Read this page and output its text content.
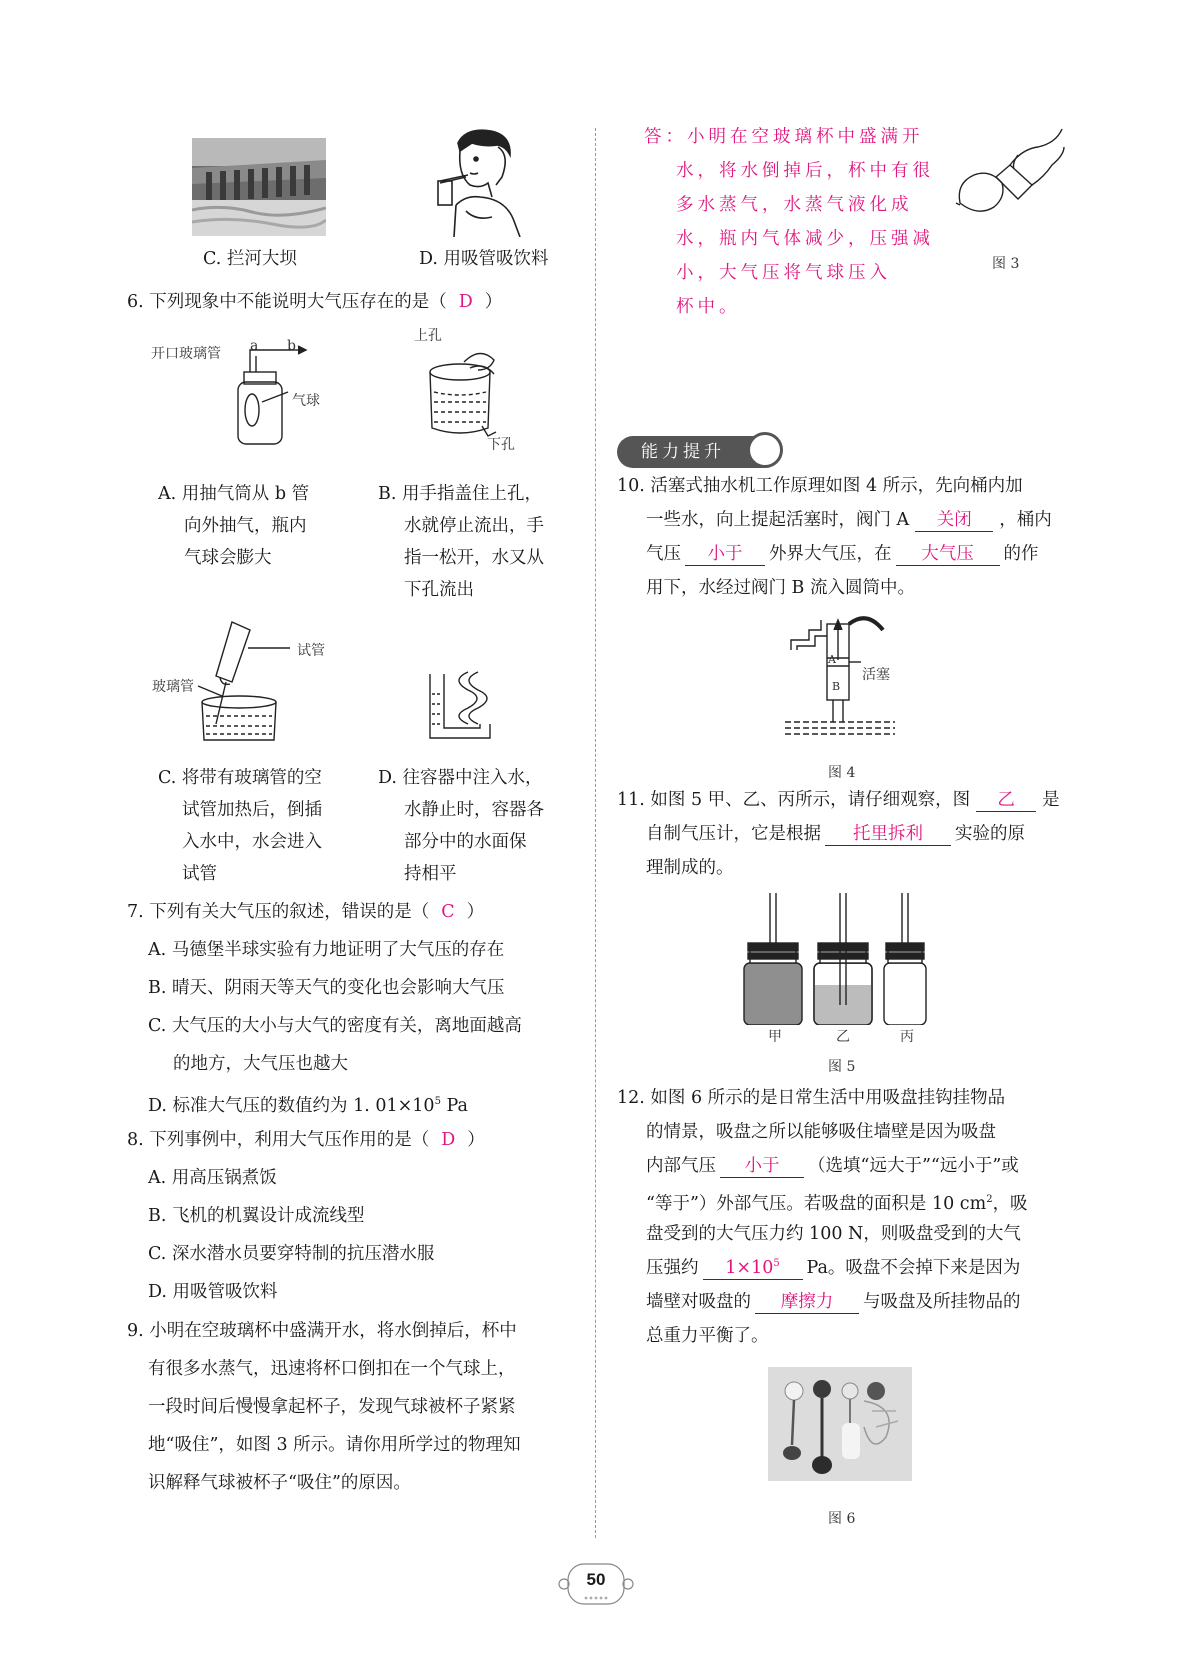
C. 拦河大坝	D. 用吸管吸饮料
6. 下列现象中不能说明大气压存在的是（ D ）
开口玻璃管 a b
气球
上孔
下孔
A. 用抽气筒从 b 管
向外抽气，瓶内
气球会膨大
B. 用手指盖住上孔，
水就停止流出，手
指一松开，水又从
下孔流出
试管
玻璃管
C. 将带有玻璃管的空
试管加热后，倒插
入水中，水会进入
试管
D. 往容器中注入水，
水静止时，容器各
部分中的水面保
持相平
7. 下列有关大气压的叙述，错误的是（ C ）
A. 马德堡半球实验有力地证明了大气压的存在
B. 晴天、阴雨天等天气的变化也会影响大气压
C. 大气压的大小与大气的密度有关，离地面越高
的地方，大气压也越大
D. 标准大气压的数值约为 1. $01\times 10^5$ Pa
8. 下列事例中，利用大气压作用的是（ D ）
A. 用高压锅煮饭
B. 飞机的机翼设计成流线型
C. 深水潜水员要穿特制的抗压潜水服
D. 用吸管吸饮料
9. 小明在空玻璃杯中盛满开水，将水倒掉后，杯中
有很多水蒸气，迅速将杯口倒扣在一个气球上，
一段时间后慢慢拿起杯子，发现气球被杯子紧紧
地“吸住”，如图 3 所示。请你用所学过的物理知
识解释气球被杯子“吸住”的原因。
答：小明在空玻璃杯中盛满开
水，将水倒掉后，杯中有很
多水蒸气，水蒸气液化成
水，瓶内气体减少，压强减
小，大气压将气球压入
杯中。
图 3
能力提升
10. 活塞式抽水机工作原理如图 4 所示，先向桶内加
一些水，向上提起活塞时，阀门 A 关闭 ，桶内
气压 小于 外界大气压，在 大气压 的作
用下，水经过阀门 B 流入圆筒中。
活塞
A
B
图 4
11. 如图 5 甲、乙、丙所示，请仔细观察，图 乙 是
自制气压计，它是根据 托里拆利 实验的原
理制成的。
甲	乙	丙
图 5
12. 如图 6 所示的是日常生活中用吸盘挂钩挂物品
的情景，吸盘之所以能够吸住墙壁是因为吸盘
内部气压 小于 （选填“远大于”“远小于”或
“等于”）外部气压。若吸盘的面积是 10 $cm^2$，吸
盘受到的大气压力约 100 N，则吸盘受到的大气
压强约 $1\times 10^5$ Pa。吸盘不会掉下来是因为
墙壁对吸盘的 摩擦力 与吸盘及所挂物品的
总重力平衡了。
图 6
50
